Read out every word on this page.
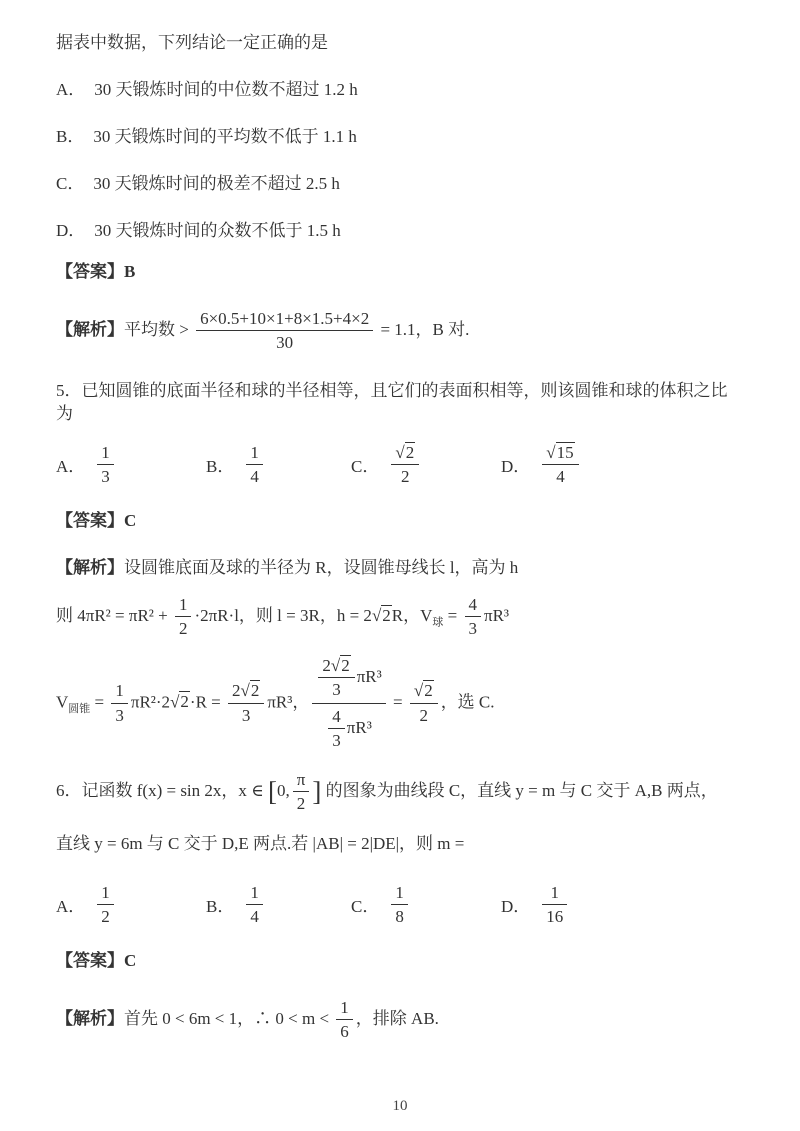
据表中数据，下列结论一定正确的是

A． 30 天锻炼时间的中位数不超过 1.2 h

B． 30 天锻炼时间的平均数不低于 1.1 h

C． 30 天锻炼时间的极差不超过 2.5 h

D． 30 天锻炼时间的众数不低于 1.5 h

【答案】B

【解析】平均数 > $\frac{6\times 0.5+10\times 1+8\times 1.5+4\times 2}{30} = 1.1$，B 对.

5．已知圆锥的底面半径和球的半径相等，且它们的表面积相等，则该圆锥和球的体积之比为

A． $\frac{1}{3}$	B． $\frac{1}{4}$	C． $\frac{√2}{2}$	D． $\frac{√15}{4}$

【答案】C

【解析】设圆锥底面及球的半径为 R，设圆锥母线长 l，高为 h

则 $4\pi R^2 = \pi R^2 + \frac{1}{2} \cdot 2\pi R\cdot l$，则 l = 3R，h = 2√2R，$V_球 = \frac{4}{3} \pi R^3$

$V_{圆锥} = \frac{1}{3} \pi R^2\cdot 2√2\cdot R = \frac{2√2}{3} \pi R^3$， $\frac{\frac{2√2}{3} \pi R^3}{\frac{4}{3} \pi R^3} = \frac{√2}{2}$ ，选 C.

6．记函数 f(x) = sin 2x，x ∈ [0, $\frac{\pi}{2}$ ] 的图象为曲线段 C，直线 y = m 与 C 交于 A,B 两点，

直线 y = 6m 与 C 交于 D,E 两点.若 |AB| = 2|DE|，则 m =

A． $\frac{1}{2}$	B． $\frac{1}{4}$	C． $\frac{1}{8}$	D． $\frac{1}{16}$

【答案】C

【解析】首先 0 < 6m < 1，∴ $0 < m < \frac{1}{6}$ ，排除 AB.

10
